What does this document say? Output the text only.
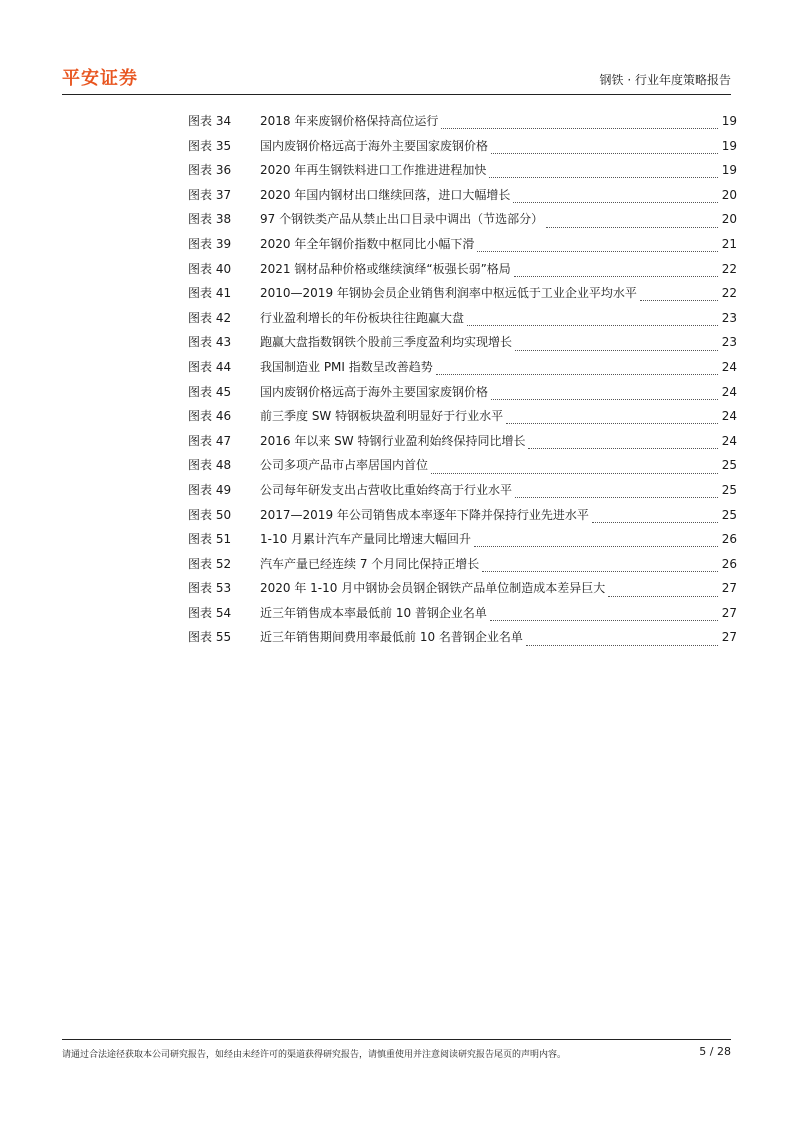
平安证券	钢铁 · 行业年度策略报告
图表 34	2018 年来废钢价格保持高位运行	19
图表 35	国内废钢价格远高于海外主要国家废钢价格	19
图表 36	2020 年再生钢铁料进口工作推进进程加快	19
图表 37	2020 年国内钢材出口继续回落，进口大幅增长	20
图表 38	97 个钢铁类产品从禁止出口目录中调出（节选部分）	20
图表 39	2020 年全年钢价指数中枢同比小幅下滑	21
图表 40	2021 钢材品种价格或继续演绎“板强长弱”格局	22
图表 41	2010—2019 年钢协会员企业销售利润率中枢远低于工业企业平均水平	22
图表 42	行业盈利增长的年份板块往往跑赢大盘	23
图表 43	跑赢大盘指数钢铁个股前三季度盈利均实现增长	23
图表 44	我国制造业 PMI 指数呈改善趋势	24
图表 45	国内废钢价格远高于海外主要国家废钢价格	24
图表 46	前三季度 SW 特钢板块盈利明显好于行业水平	24
图表 47	2016 年以来 SW 特钢行业盈利始终保持同比增长	24
图表 48	公司多项产品市占率居国内首位	25
图表 49	公司每年研发支出占营收比重始终高于行业水平	25
图表 50	2017—2019 年公司销售成本率逐年下降并保持行业先进水平	25
图表 51	1-10 月累计汽车产量同比增速大幅回升	26
图表 52	汽车产量已经连续 7 个月同比保持正增长	26
图表 53	2020 年 1-10 月中钢协会员钢企钢铁产品单位制造成本差异巨大	27
图表 54	近三年销售成本率最低前 10 普钢企业名单	27
图表 55	近三年销售期间费用率最低前 10 名普钢企业名单	27
请通过合法途径获取本公司研究报告，如经由未经许可的渠道获得研究报告，请慎重使用并注意阅读研究报告尾页的声明内容。	5 / 28
